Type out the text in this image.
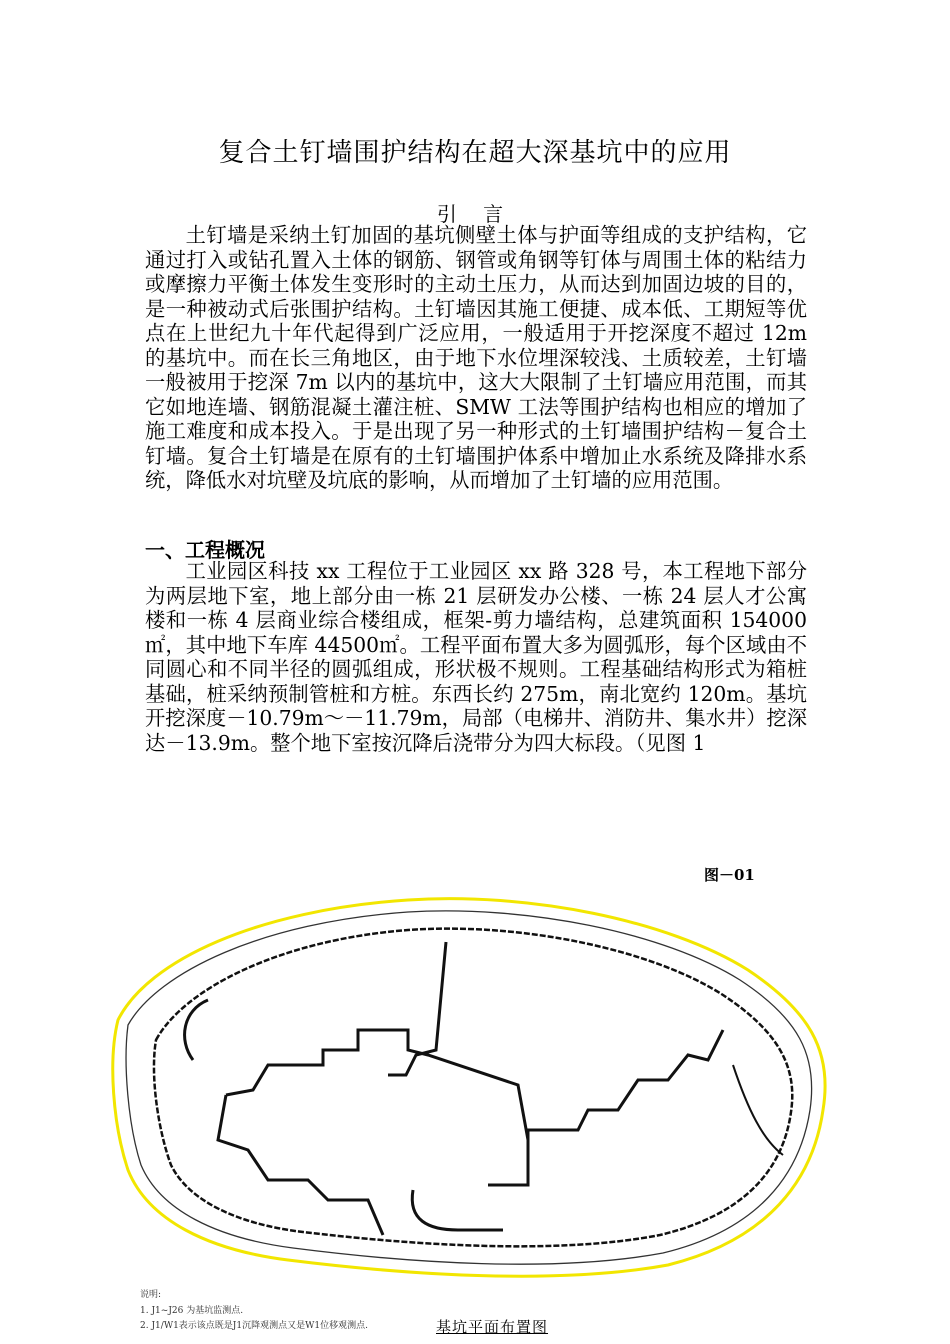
复合土钉墙围护结构在超大深基坑中的应用
引 言

土钉墙是采纳土钉加固的基坑侧壁土体与护面等组成的支护结构，它通过打入或钻孔置入土体的钢筋、钢管或角钢等钉体与周围土体的粘结力或摩擦力平衡土体发生变形时的主动土压力，从而达到加固边坡的目的，是一种被动式后张围护结构。土钉墙因其施工便捷、成本低、工期短等优点在上世纪九十年代起得到广泛应用，一般适用于开挖深度不超过 12m 的基坑中。而在长三角地区，由于地下水位埋深较浅、土质较差，土钉墙一般被用于挖深 7m 以内的基坑中，这大大限制了土钉墙应用范围，而其它如地连墙、钢筋混凝土灌注桩、SMW 工法等围护结构也相应的增加了施工难度和成本投入。于是出现了另一种形式的土钉墙围护结构－复合土钉墙。复合土钉墙是在原有的土钉墙围护体系中增加止水系统及降排水系统，降低水对坑壁及坑底的影响，从而增加了土钉墙的应用范围。

一、工程概况

工业园区科技 xx 工程位于工业园区 xx 路 328 号，本工程地下部分为两层地下室，地上部分由一栋 21 层研发办公楼、一栋 24 层人才公寓楼和一栋 4 层商业综合楼组成，框架-剪力墙结构，总建筑面积 154000㎡，其中地下车库 44500㎡。工程平面布置大多为圆弧形，每个区域由不同圆心和不同半径的圆弧组成，形状极不规则。工程基础结构形式为箱桩基础，桩采纳预制管桩和方桩。东西长约 275m，南北宽约 120m。基坑开挖深度－10.79m～－11.79m，局部（电梯井、消防井、集水井）挖深达－13.9m。整个地下室按沉降后浇带分为四大标段。（见图 1

图－01
说明:
1. J1~J26 为基坑监测点.
2. J1/W1表示该点既是J1沉降观测点又是W1位移观测点.	基坑平面布置图
